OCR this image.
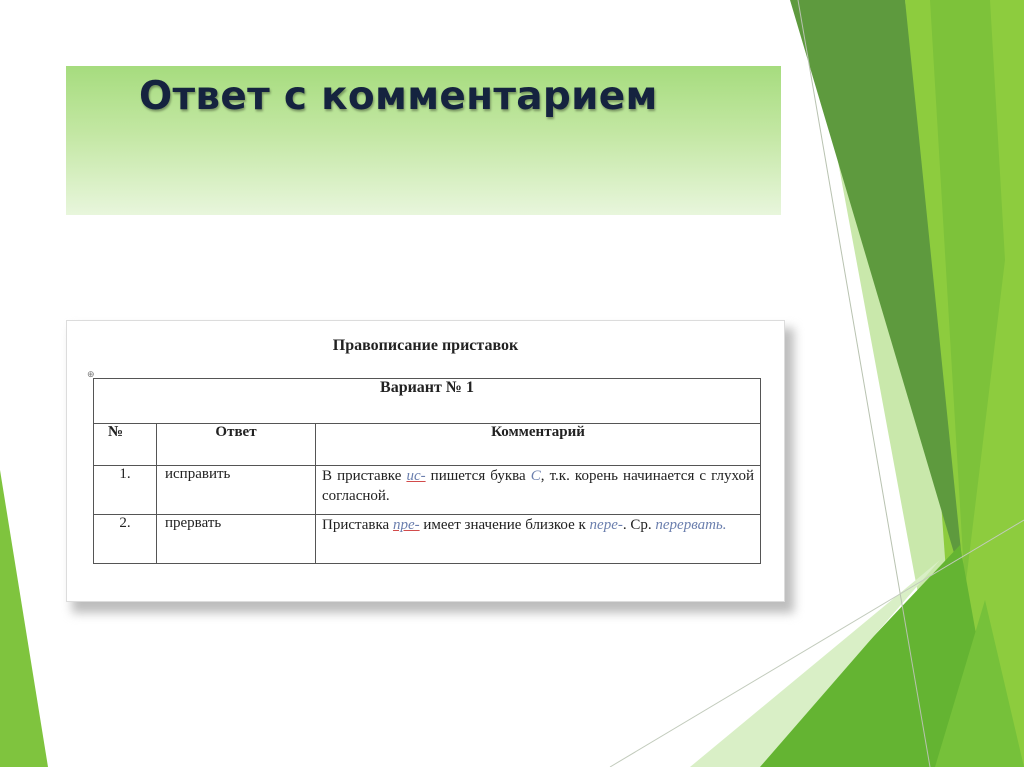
Ответ с комментарием

Правописание приставок

⊕
Вариант № 1		
№	Ответ	Комментарий
1.	исправить	В приставке ис- пишется буква С, т.к. корень начинается с глухой согласной.
2.	прервать	Приставка пре- имеет значение близкое к пере-. Ср. перервать.
